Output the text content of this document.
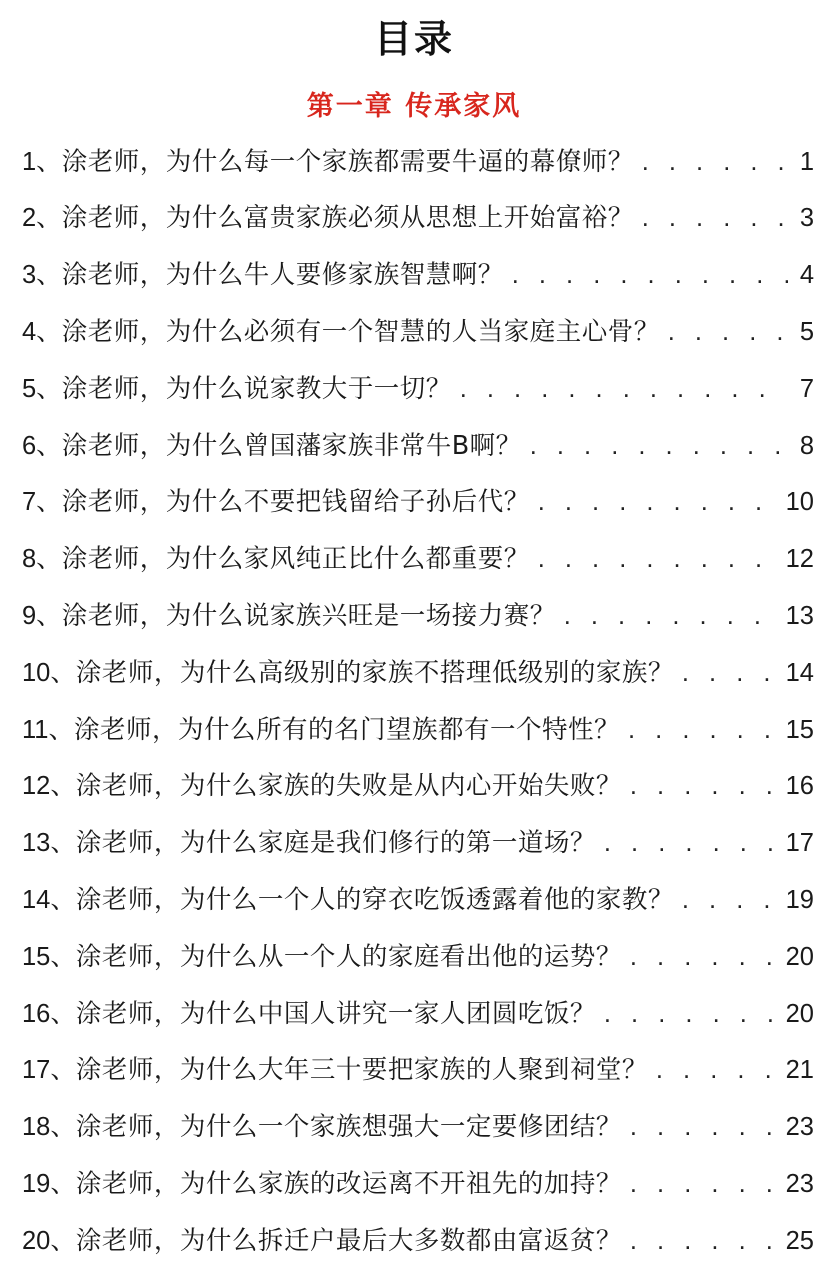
目录
第一章 传承家风
1、 涂老师，为什么每一个家族都需要牛逼的幕僚师？ . . .	1
2、 涂老师，为什么富贵家族必须从思想上开始富裕？ . . .	3
3、 涂老师，为什么牛人要修家族智慧啊？ . . .	4
4、 涂老师，为什么必须有一个智慧的人当家庭主心骨？ . . .	5
5、 涂老师，为什么说家教大于一切？ . . .	7
6、 涂老师，为什么曾国藩家族非常牛B啊？ . . .	8
7、 涂老师，为什么不要把钱留给子孙后代？ . . .	10
8、 涂老师，为什么家风纯正比什么都重要？ . . .	12
9、 涂老师，为什么说家族兴旺是一场接力赛？ . . .	13
10、 涂老师，为什么高级别的家族不搭理低级别的家族？ . . .	14
11、 涂老师，为什么所有的名门望族都有一个特性？ . . .	15
12、 涂老师，为什么家族的失败是从内心开始失败？ . . .	16
13、 涂老师，为什么家庭是我们修行的第一道场？ . . .	17
14、 涂老师，为什么一个人的穿衣吃饭透露着他的家教？ . . .	19
15、 涂老师，为什么从一个人的家庭看出他的运势？ . . .	20
16、 涂老师，为什么中国人讲究一家人团圆吃饭？ . . .	20
17、 涂老师，为什么大年三十要把家族的人聚到祠堂？ . . .	21
18、 涂老师，为什么一个家族想强大一定要修团结？ . . .	23
19、 涂老师，为什么家族的改运离不开祖先的加持？ . . .	23
20、 涂老师，为什么拆迁户最后大多数都由富返贫？ . . .	25
